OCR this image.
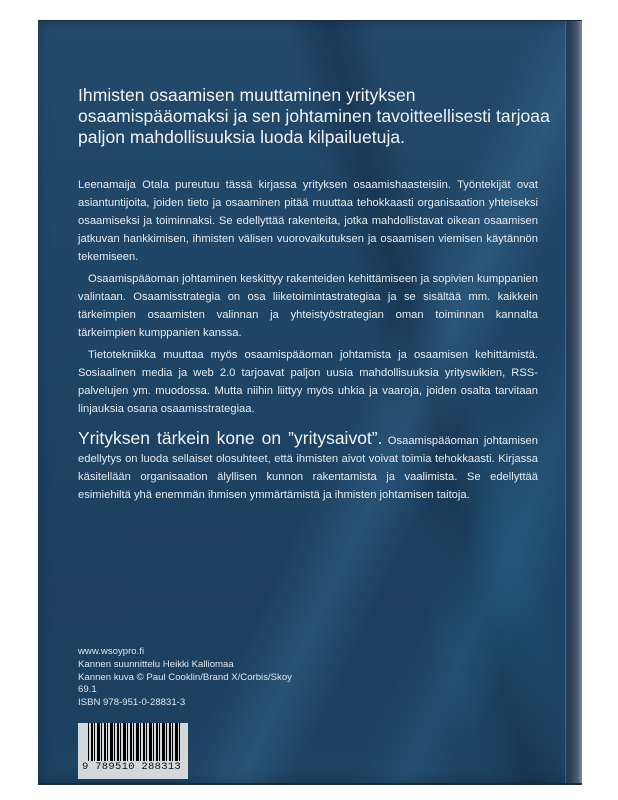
Ihmisten osaamisen muuttaminen yrityksen
osaamispääomaksi ja sen johtaminen tavoitteellisesti tarjoaa
paljon mahdollisuuksia luoda kilpailuetuja.

Leenamaija Otala pureutuu tässä kirjassa yrityksen osaamishaasteisiin. Työntekijät ovat asiantuntijoita, joiden tieto ja osaaminen pitää muuttaa tehokkaasti organisaation yhteiseksi osaamiseksi ja toiminnaksi. Se edellyttää rakenteita, jotka mahdollistavat oikean osaamisen jatkuvan hankkimisen, ihmisten välisen vuorovaikutuksen ja osaamisen viemisen käytännön tekemiseen.

Osaamispääoman johtaminen keskittyy rakenteiden kehittämiseen ja sopivien kumppanien valintaan. Osaamisstrategia on osa liiketoimintastrategiaa ja se sisältää mm. kaikkein tärkeimpien osaamisten valinnan ja yhteistyöstrategian oman toiminnan kannalta tärkeimpien kumppanien kanssa.

Tietotekniikka muuttaa myös osaamispääoman johtamista ja osaamisen kehittämistä. Sosiaalinen media ja web 2.0 tarjoavat paljon uusia mahdollisuuksia yrityswikien, RSS-palvelujen ym. muodossa. Mutta niihin liittyy myös uhkia ja vaaroja, joiden osalta tarvitaan linjauksia osana osaamisstrategiaa.

Yrityksen tärkein kone on ”yritysaivot”. Osaamispääoman johtamisen edellytys on luoda sellaiset olosuhteet, että ihmisten aivot voivat toimia tehokkaasti. Kirjassa käsitellään organisaation älyllisen kunnon rakentamista ja vaalimista. Se edellyttää esimiehiltä yhä enemmän ihmisen ymmärtämistä ja ihmisten johtamisen taitoja.
www.wsoypro.fi
Kannen suunnittelu Heikki Kalliomaa
Kannen kuva © Paul Cooklin/Brand X/Corbis/Skoy
69.1
ISBN 978-951-0-28831-3
9 789510 288313
